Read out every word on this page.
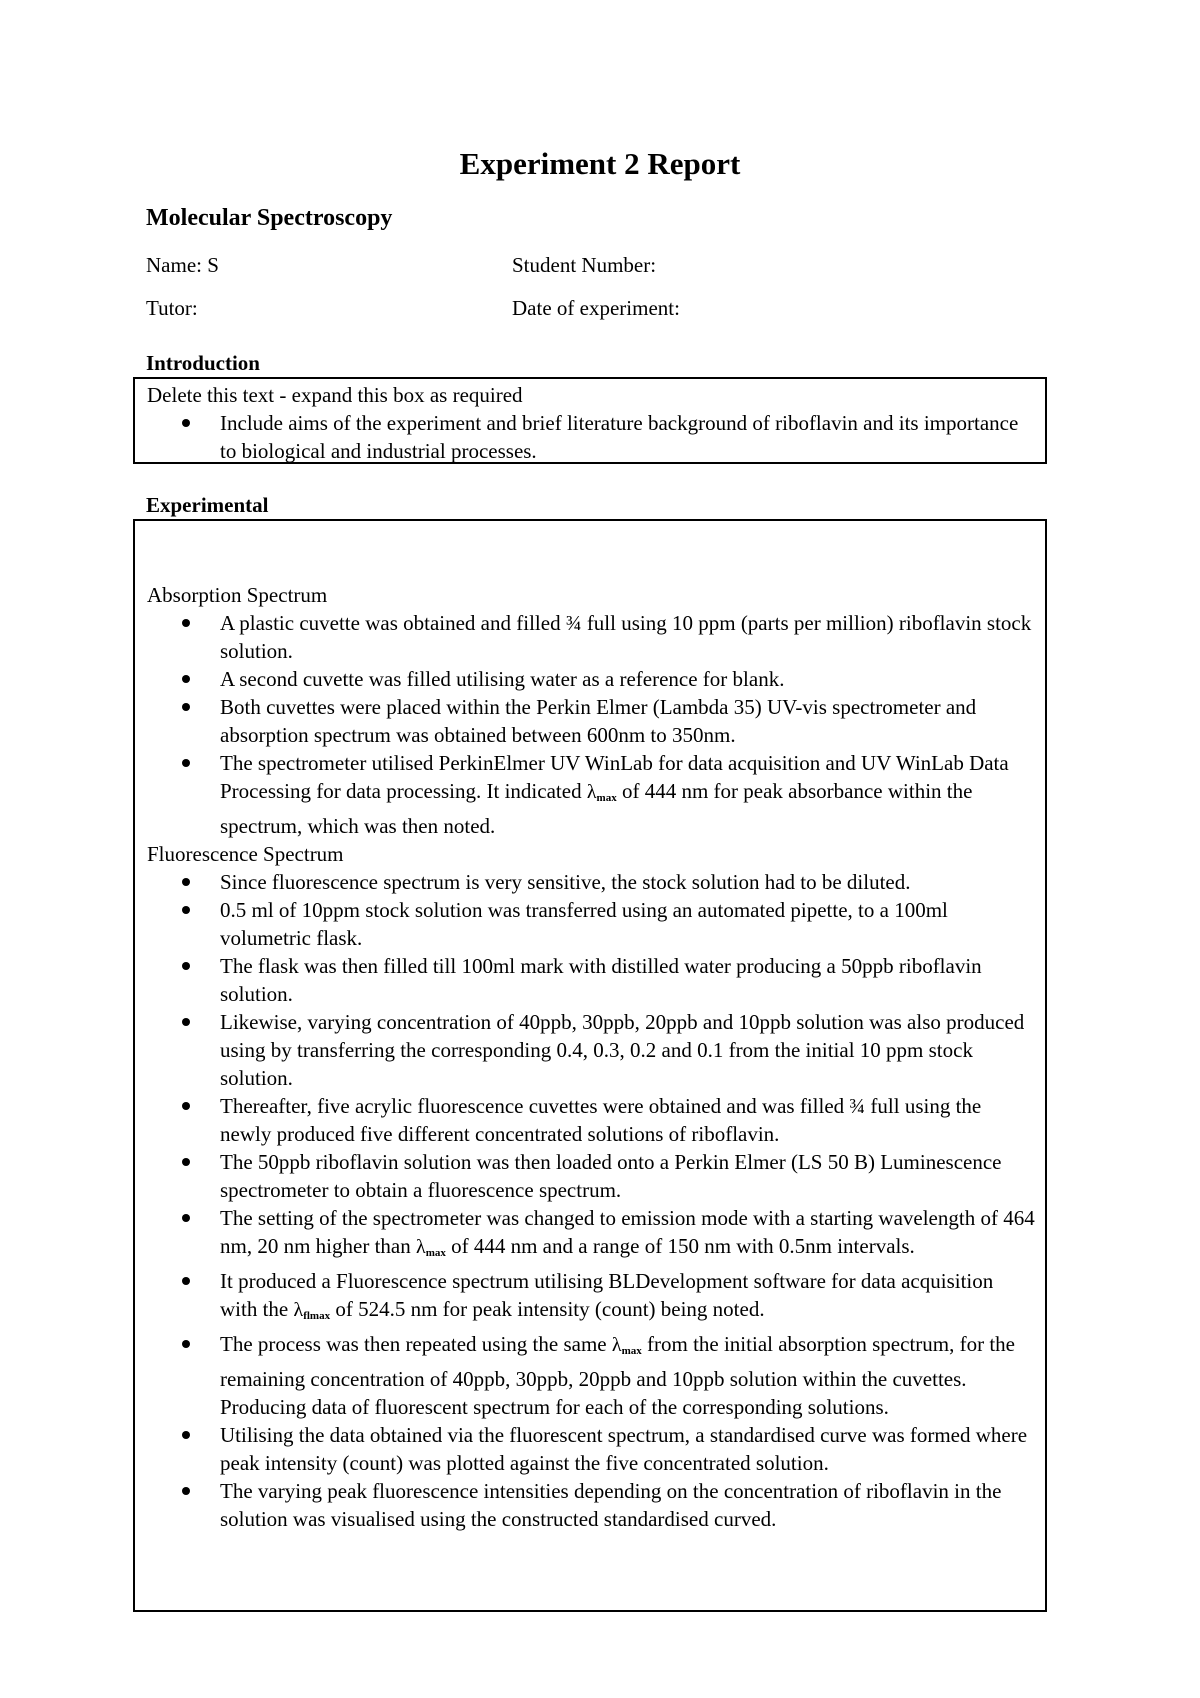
Experiment 2 Report
Molecular Spectroscopy
Name: S	Student Number:
Tutor:	Date of experiment:
Introduction

Delete this text - expand this box as required

Include aims of the experiment and brief literature background of riboflavin and its importance to biological and industrial processes.
Experimental

Absorption Spectrum

A plastic cuvette was obtained and filled ¾ full using 10 ppm (parts per million) riboflavin stock solution.
A second cuvette was filled utilising water as a reference for blank.
Both cuvettes were placed within the Perkin Elmer (Lambda 35) UV-vis spectrometer and absorption spectrum was obtained between 600nm to 350nm.
The spectrometer utilised PerkinElmer UV WinLab for data acquisition and UV WinLab Data Processing for data processing. It indicated $\lambda_{max}$ of 444 nm for peak absorbance within the spectrum, which was then noted.

Fluorescence Spectrum

Since fluorescence spectrum is very sensitive, the stock solution had to be diluted.
0.5 ml of 10ppm stock solution was transferred using an automated pipette, to a 100ml volumetric flask.
The flask was then filled till 100ml mark with distilled water producing a 50ppb riboflavin solution.
Likewise, varying concentration of 40ppb, 30ppb, 20ppb and 10ppb solution was also produced using by transferring the corresponding 0.4, 0.3, 0.2 and 0.1 from the initial 10 ppm stock solution.
Thereafter, five acrylic fluorescence cuvettes were obtained and was filled ¾ full using the newly produced five different concentrated solutions of riboflavin.
The 50ppb riboflavin solution was then loaded onto a Perkin Elmer (LS 50 B) Luminescence spectrometer to obtain a fluorescence spectrum.
The setting of the spectrometer was changed to emission mode with a starting wavelength of 464 nm, 20 nm higher than $\lambda_{max}$ of 444 nm and a range of 150 nm with 0.5nm intervals.
It produced a Fluorescence spectrum utilising BLDevelopment software for data acquisition with the $\lambda_{flmax}$ of 524.5 nm for peak intensity (count) being noted.
The process was then repeated using the same $\lambda_{max}$ from the initial absorption spectrum, for the remaining concentration of 40ppb, 30ppb, 20ppb and 10ppb solution within the cuvettes. Producing data of fluorescent spectrum for each of the corresponding solutions.
Utilising the data obtained via the fluorescent spectrum, a standardised curve was formed where peak intensity (count) was plotted against the five concentrated solution.
The varying peak fluorescence intensities depending on the concentration of riboflavin in the solution was visualised using the constructed standardised curved.
